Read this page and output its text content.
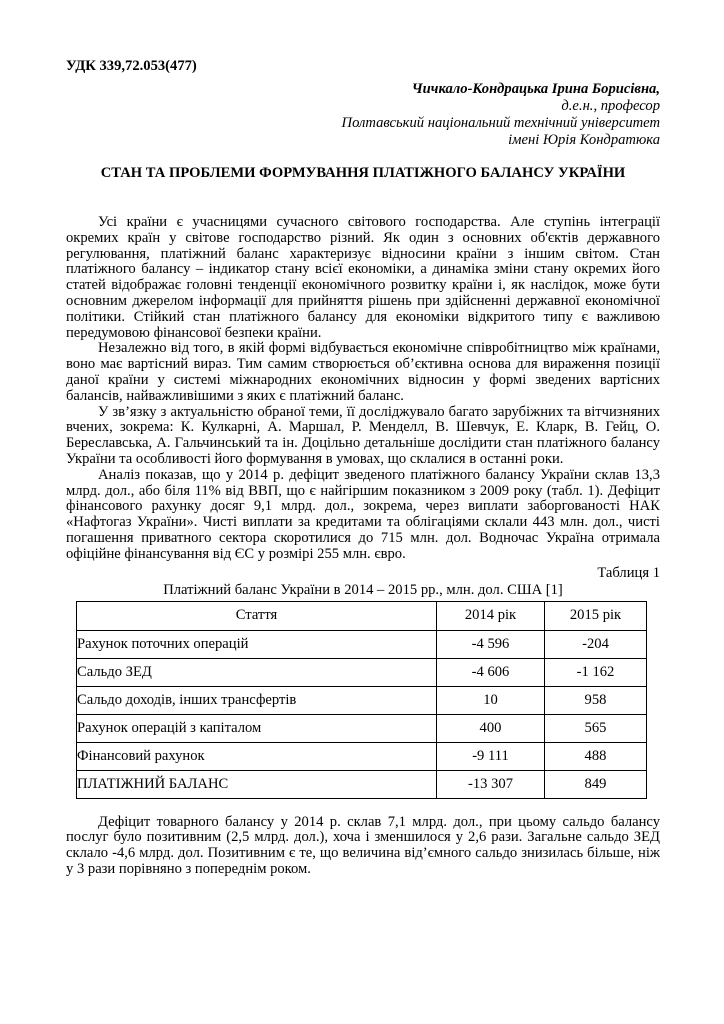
УДК 339,72.053(477)
Чичкало-Кондрацька Ірина Борисівна,
д.е.н., професор
Полтавський національний технічний університет
імені Юрія Кондратюка
СТАН ТА ПРОБЛЕМИ ФОРМУВАННЯ ПЛАТІЖНОГО БАЛАНСУ УКРАЇНИ

Усі країни є учасницями сучасного світового господарства. Але ступінь інтеграції окремих країн у світове господарство різний. Як один з основних об'єктів державного регулювання, платіжний баланс характеризує відносини країни з іншим світом. Стан платіжного балансу – індикатор стану всієї економіки, а динаміка зміни стану окремих його статей відображає головні тенденції економічного розвитку країни і, як наслідок, може бути основним джерелом інформації для прийняття рішень при здійсненні державної економічної політики. Стійкий стан платіжного балансу для економіки відкритого типу є важливою передумовою фінансової безпеки країни.

Незалежно від того, в якій формі відбувається економічне співробітництво між країнами, воно має вартісний вираз. Тим самим створюється об’єктивна основа для вираження позиції даної країни у системі міжнародних економічних відносин у формі зведених вартісних балансів, найважливішими з яких є платіжний баланс.

У зв’язку з актуальністю обраної теми, її досліджувало багато зарубіжних та вітчизняних вчених, зокрема: К. Кулкарні, А. Маршал, Р. Менделл, В. Шевчук, Е. Кларк, В. Гейц, О. Береславська, А. Гальчинський та ін. Доцільно детальніше дослідити стан платіжного балансу України та особливості його формування в умовах, що склалися в останні роки.

Аналіз показав, що у 2014 р. дефіцит зведеного платіжного балансу України склав 13,3 млрд. дол., або біля 11% від ВВП, що є найгіршим показником з 2009 року (табл. 1). Дефіцит фінансового рахунку досяг 9,1 млрд. дол., зокрема, через виплати заборгованості НАК «Нафтогаз України». Чисті виплати за кредитами та облігаціями склали 443 млн. дол., чисті погашення приватного сектора скоротилися до 715 млн. дол. Водночас Україна отримала офіційне фінансування від ЄС у розмірі 255 млн. євро.

Таблиця 1
Платіжний баланс України в 2014 – 2015 рр., млн. дол. США [1]
Стаття	2014 рік	2015 рік
Рахунок поточних операцій	-4 596	-204
Сальдо ЗЕД	-4 606	-1 162
Сальдо доходів, інших трансфертів	10	958
Рахунок операцій з капіталом	400	565
Фінансовий рахунок	-9 111	488
ПЛАТІЖНИЙ БАЛАНС	-13 307	849

Дефіцит товарного балансу у 2014 р. склав 7,1 млрд. дол., при цьому сальдо балансу послуг було позитивним (2,5 млрд. дол.), хоча і зменшилося у 2,6 рази. Загальне сальдо ЗЕД склало -4,6 млрд. дол. Позитивним є те, що величина від’ємного сальдо знизилась більше, ніж у 3 рази порівняно з попереднім роком.
